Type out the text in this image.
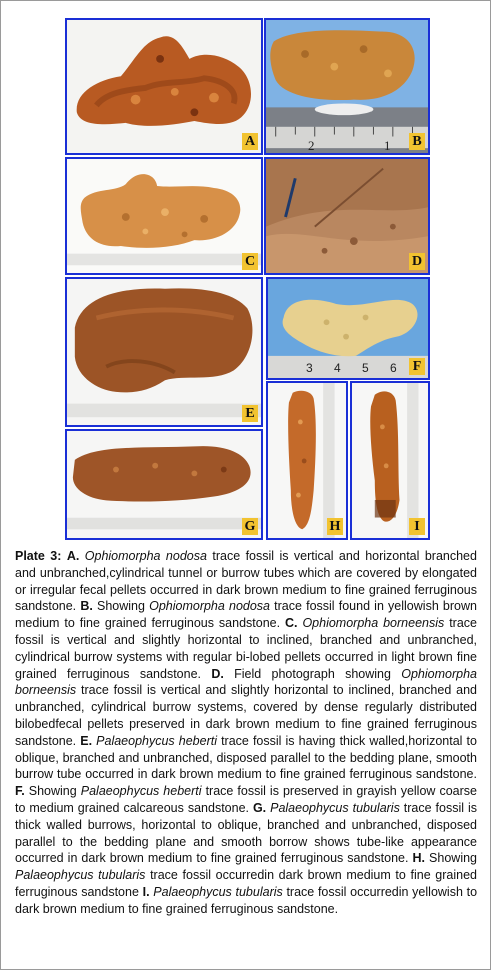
A	2	1 B
C	D
E
3 4 5 6 F
G	H	I
Plate 3: A. Ophiomorpha nodosa trace fossil is vertical and horizontal branched and unbranched,cylindrical tunnel or burrow tubes which are covered by elongated or irregular fecal pellets occurred in dark brown medium to fine grained ferruginous sandstone. B. Showing Ophiomorpha nodosa trace fossil found in yellowish brown medium to fine grained ferruginous sandstone. C. Ophiomorpha borneensis trace fossil is vertical and slightly horizontal to inclined, branched and unbranched, cylindrical burrow systems with regular bi-lobed pellets occurred in light brown fine grained ferruginous sandstone. D. Field photograph showing Ophiomorpha borneensis trace fossil is vertical and slightly horizontal to inclined, branched and unbranched, cylindrical burrow systems, covered by dense regularly distributed bilobedfecal pellets preserved in dark brown medium to fine grained ferruginous sandstone. E. Palaeophycus heberti trace fossil is having thick walled,horizontal to oblique, branched and unbranched, disposed parallel to the bedding plane, smooth burrow tube occurred in dark brown medium to fine grained ferruginous sandstone. F. Showing Palaeophycus heberti trace fossil is preserved in grayish yellow coarse to medium grained calcareous sandstone. G. Palaeophycus tubularis trace fossil is thick walled burrows, horizontal to oblique, branched and unbranched, disposed parallel to the bedding plane and smooth borrow shows tube-like appearance occurred in dark brown medium to fine grained ferruginous sandstone. H. Showing Palaeophycus tubularis trace fossil occurredin dark brown medium to fine grained ferruginous sandstone I. Palaeophycus tubularis trace fossil occurredin yellowish to dark brown medium to fine grained ferruginous sandstone.
